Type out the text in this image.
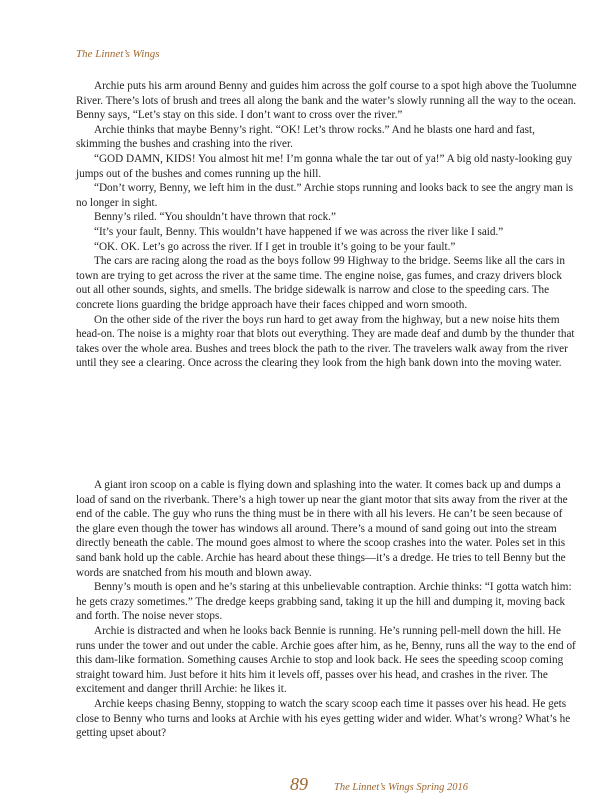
The Linnet’s Wings

Archie puts his arm around Benny and guides him across the golf course to a spot high above the Tuolumne River. There’s lots of brush and trees all along the bank and the water’s slowly running all the way to the ocean. Benny says, “Let’s stay on this side. I don’t want to cross over the river.”

Archie thinks that maybe Benny’s right. “OK! Let’s throw rocks.” And he blasts one hard and fast, skimming the bushes and crashing into the river.

“GOD DAMN, KIDS! You almost hit me! I’m gonna whale the tar out of ya!” A big old nasty-looking guy jumps out of the bushes and comes running up the hill.

“Don’t worry, Benny, we left him in the dust.” Archie stops running and looks back to see the angry man is no longer in sight.

Benny’s riled. “You shouldn’t have thrown that rock.”

“It’s your fault, Benny. This wouldn’t have happened if we was across the river like I said.”

“OK. OK. Let’s go across the river. If I get in trouble it’s going to be your fault.”

The cars are racing along the road as the boys follow 99 Highway to the bridge. Seems like all the cars in town are trying to get across the river at the same time. The engine noise, gas fumes, and crazy drivers block out all other sounds, sights, and smells. The bridge sidewalk is narrow and close to the speeding cars. The concrete lions guarding the bridge approach have their faces chipped and worn smooth.

On the other side of the river the boys run hard to get away from the highway, but a new noise hits them head-on. The noise is a mighty roar that blots out everything. They are made deaf and dumb by the thunder that takes over the whole area. Bushes and trees block the path to the river. The travelers walk away from the river until they see a clearing. Once across the clearing they look from the high bank down into the moving water.

A giant iron scoop on a cable is flying down and splashing into the water. It comes back up and dumps a load of sand on the riverbank. There’s a high tower up near the giant motor that sits away from the river at the end of the cable. The guy who runs the thing must be in there with all his levers. He can’t be seen because of the glare even though the tower has windows all around. There’s a mound of sand going out into the stream directly beneath the cable. The mound goes almost to where the scoop crashes into the water. Poles set in this sand bank hold up the cable. Archie has heard about these things—it’s a dredge. He tries to tell Benny but the words are snatched from his mouth and blown away.

Benny’s mouth is open and he’s staring at this unbelievable contraption. Archie thinks: “I gotta watch him: he gets crazy sometimes.” The dredge keeps grabbing sand, taking it up the hill and dumping it, moving back and forth. The noise never stops.

Archie is distracted and when he looks back Bennie is running. He’s running pell-mell down the hill. He runs under the tower and out under the cable. Archie goes after him, as he, Benny, runs all the way to the end of this dam-like formation. Something causes Archie to stop and look back. He sees the speeding scoop coming straight toward him. Just before it hits him it levels off, passes over his head, and crashes in the river. The excitement and danger thrill Archie: he likes it.

Archie keeps chasing Benny, stopping to watch the scary scoop each time it passes over his head. He gets close to Benny who turns and looks at Archie with his eyes getting wider and wider. What’s wrong? What’s he getting upset about?

89 The Linnet’s Wings Spring 2016
